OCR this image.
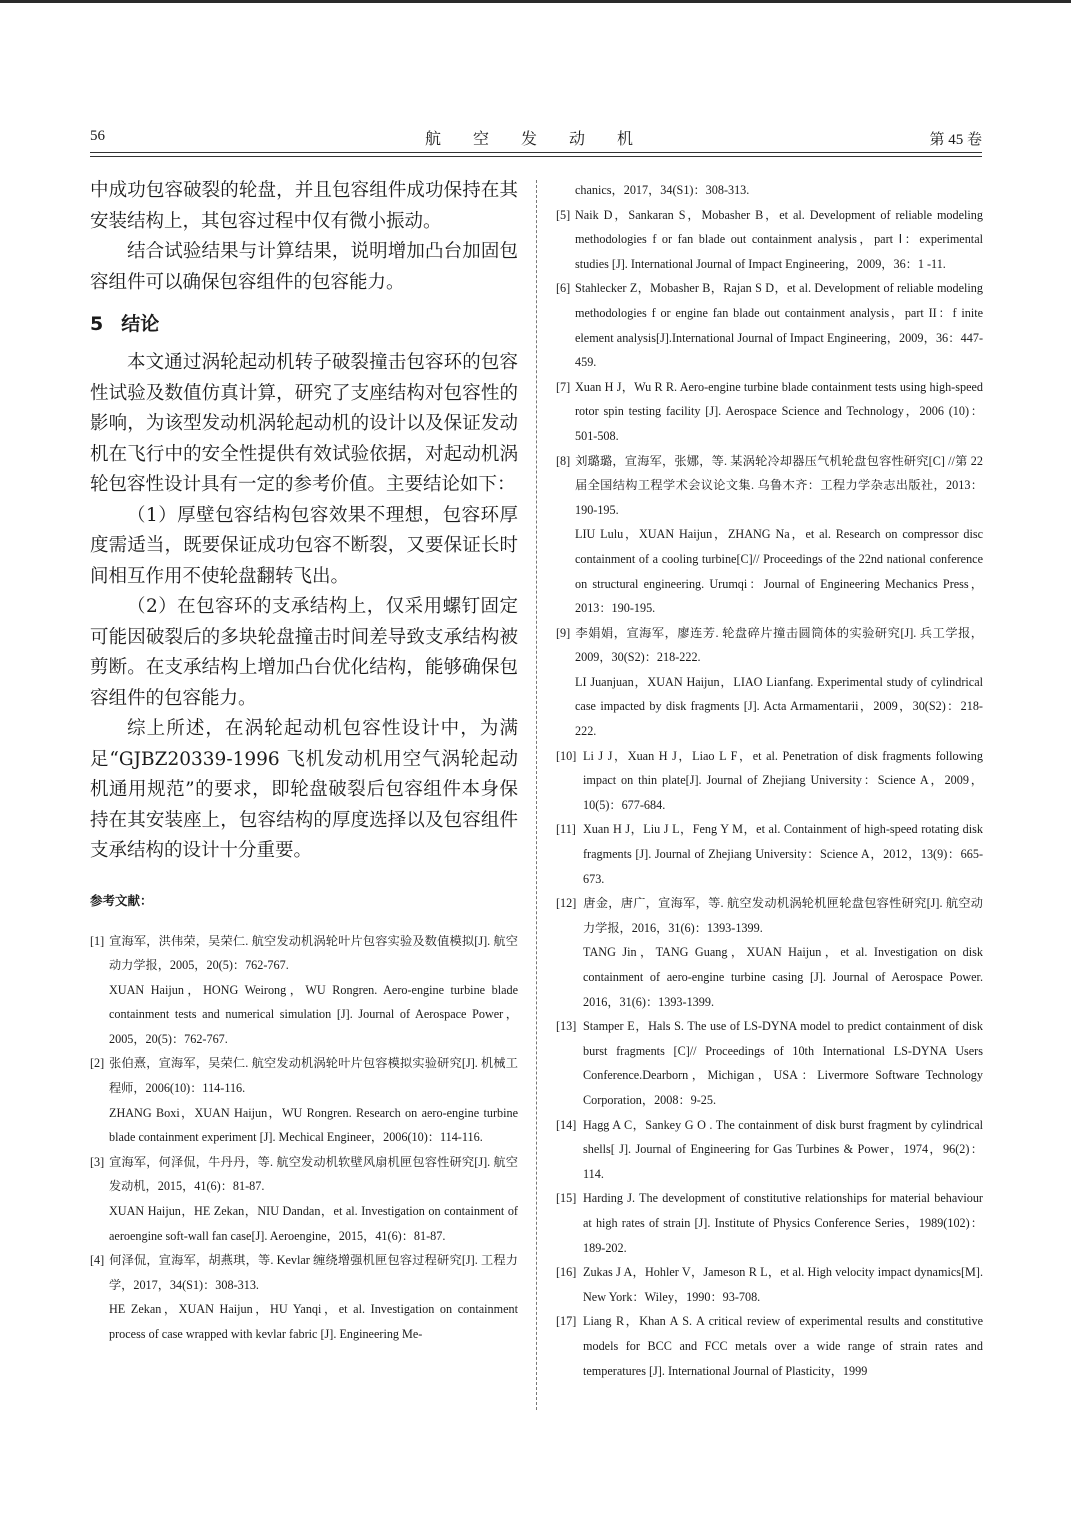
56	航 空 发 动 机	第 45 卷

中成功包容破裂的轮盘，并且包容组件成功保持在其安装结构上，其包容过程中仅有微小振动。

结合试验结果与计算结果，说明增加凸台加固包容组件可以确保包容组件的包容能力。

5 结论

本文通过涡轮起动机转子破裂撞击包容环的包容性试验及数值仿真计算，研究了支座结构对包容性的影响，为该型发动机涡轮起动机的设计以及保证发动机在飞行中的安全性提供有效试验依据，对起动机涡轮包容性设计具有一定的参考价值。主要结论如下：

（1）厚壁包容结构包容效果不理想，包容环厚度需适当，既要保证成功包容不断裂，又要保证长时间相互作用不使轮盘翻转飞出。

（2）在包容环的支承结构上，仅采用螺钉固定可能因破裂后的多块轮盘撞击时间差导致支承结构被剪断。在支承结构上增加凸台优化结构，能够确保包容组件的包容能力。

综上所述，在涡轮起动机包容性设计中，为满足“GJBZ20339-1996 飞机发动机用空气涡轮起动机通用规范”的要求，即轮盘破裂后包容组件本身保持在其安装座上，包容结构的厚度选择以及包容组件支承结构的设计十分重要。

参考文献：

[1] 宣海军，洪伟荣，吴荣仁. 航空发动机涡轮叶片包容实验及数值模拟[J]. 航空动力学报，2005，20(5)：762-767.

XUAN Haijun，HONG Weirong，WU Rongren. Aero-engine turbine blade containment tests and numerical simulation [J]. Journal of Aerospace Power，2005，20(5)：762-767.

[2] 张伯熹，宣海军，吴荣仁. 航空发动机涡轮叶片包容模拟实验研究[J]. 机械工程师，2006(10)：114-116.

ZHANG Boxi，XUAN Haijun，WU Rongren. Research on aero-engine turbine blade containment experiment [J]. Mechical Engineer，2006(10)：114-116.

[3] 宣海军，何泽侃，牛丹丹，等. 航空发动机软壁风扇机匣包容性研究[J]. 航空发动机，2015，41(6)：81-87.

XUAN Haijun，HE Zekan，NIU Dandan，et al. Investigation on containment of aeroengine soft-wall fan case[J]. Aeroengine，2015，41(6)：81-87.

[4] 何泽侃，宣海军，胡燕琪，等. Kevlar 缠绕增强机匣包容过程研究[J]. 工程力学，2017，34(S1)：308-313.

HE Zekan，XUAN Haijun，HU Yanqi，et al. Investigation on containment process of case wrapped with kevlar fabric [J]. Engineering Me-

chanics，2017，34(S1)：308-313.

[5] Naik D，Sankaran S，Mobasher B，et al. Development of reliable modeling methodologies f or fan blade out containment analysis，part Ⅰ：experimental studies [J]. International Journal of Impact Engineering，2009，36：1 -11.

[6] Stahlecker Z，Mobasher B，Rajan S D，et al. Development of reliable modeling methodologies f or engine fan blade out containment analysis，part II：f inite element analysis[J].International Journal of Impact Engineering，2009，36：447-459.

[7] Xuan H J，Wu R R. Aero-engine turbine blade containment tests using high-speed rotor spin testing facility [J]. Aerospace Science and Technology，2006 (10)：501-508.

[8] 刘璐璐，宣海军，张娜，等. 某涡轮冷却器压气机轮盘包容性研究[C] //第 22 届全国结构工程学术会议论文集. 乌鲁木齐：工程力学杂志出版社，2013：190-195.

LIU Lulu，XUAN Haijun，ZHANG Na，et al. Research on compressor disc containment of a cooling turbine[C]// Proceedings of the 22nd national conference on structural engineering. Urumqi：Journal of Engineering Mechanics Press，2013：190-195.

[9] 李娟娟，宣海军，廖连芳. 轮盘碎片撞击圆筒体的实验研究[J]. 兵工学报，2009，30(S2)：218-222.

LI Juanjuan，XUAN Haijun，LIAO Lianfang. Experimental study of cylindrical case impacted by disk fragments [J]. Acta Armamentarii，2009，30(S2)：218-222.

[10] Li J J，Xuan H J，Liao L F，et al. Penetration of disk fragments following impact on thin plate[J]. Journal of Zhejiang University：Science A，2009，10(5)：677-684.

[11] Xuan H J，Liu J L，Feng Y M，et al. Containment of high-speed rotating disk fragments [J]. Journal of Zhejiang University：Science A，2012，13(9)：665-673.

[12] 唐金，唐广，宣海军，等. 航空发动机涡轮机匣轮盘包容性研究[J]. 航空动力学报，2016，31(6)：1393-1399.

TANG Jin，TANG Guang，XUAN Haijun，et al. Investigation on disk containment of aero-engine turbine casing [J]. Journal of Aerospace Power. 2016，31(6)：1393-1399.

[13] Stamper E，Hals S. The use of LS-DYNA model to predict containment of disk burst fragments [C]// Proceedings of 10th International LS-DYNA Users Conference.Dearborn，Michigan，USA：Livermore Software Technology Corporation，2008：9-25.

[14] Hagg A C，Sankey G O . The containment of disk burst fragment by cylindrical shells[ J]. Journal of Engineering for Gas Turbines & Power，1974，96(2)：114.

[15] Harding J. The development of constitutive relationships for material behaviour at high rates of strain [J]. Institute of Physics Conference Series，1989(102)：189-202.

[16] Zukas J A，Hohler V，Jameson R L，et al. High velocity impact dynamics[M]. New York：Wiley，1990：93-708.

[17] Liang R，Khan A S. A critical review of experimental results and constitutive models for BCC and FCC metals over a wide range of strain rates and temperatures [J]. International Journal of Plasticity，1999
